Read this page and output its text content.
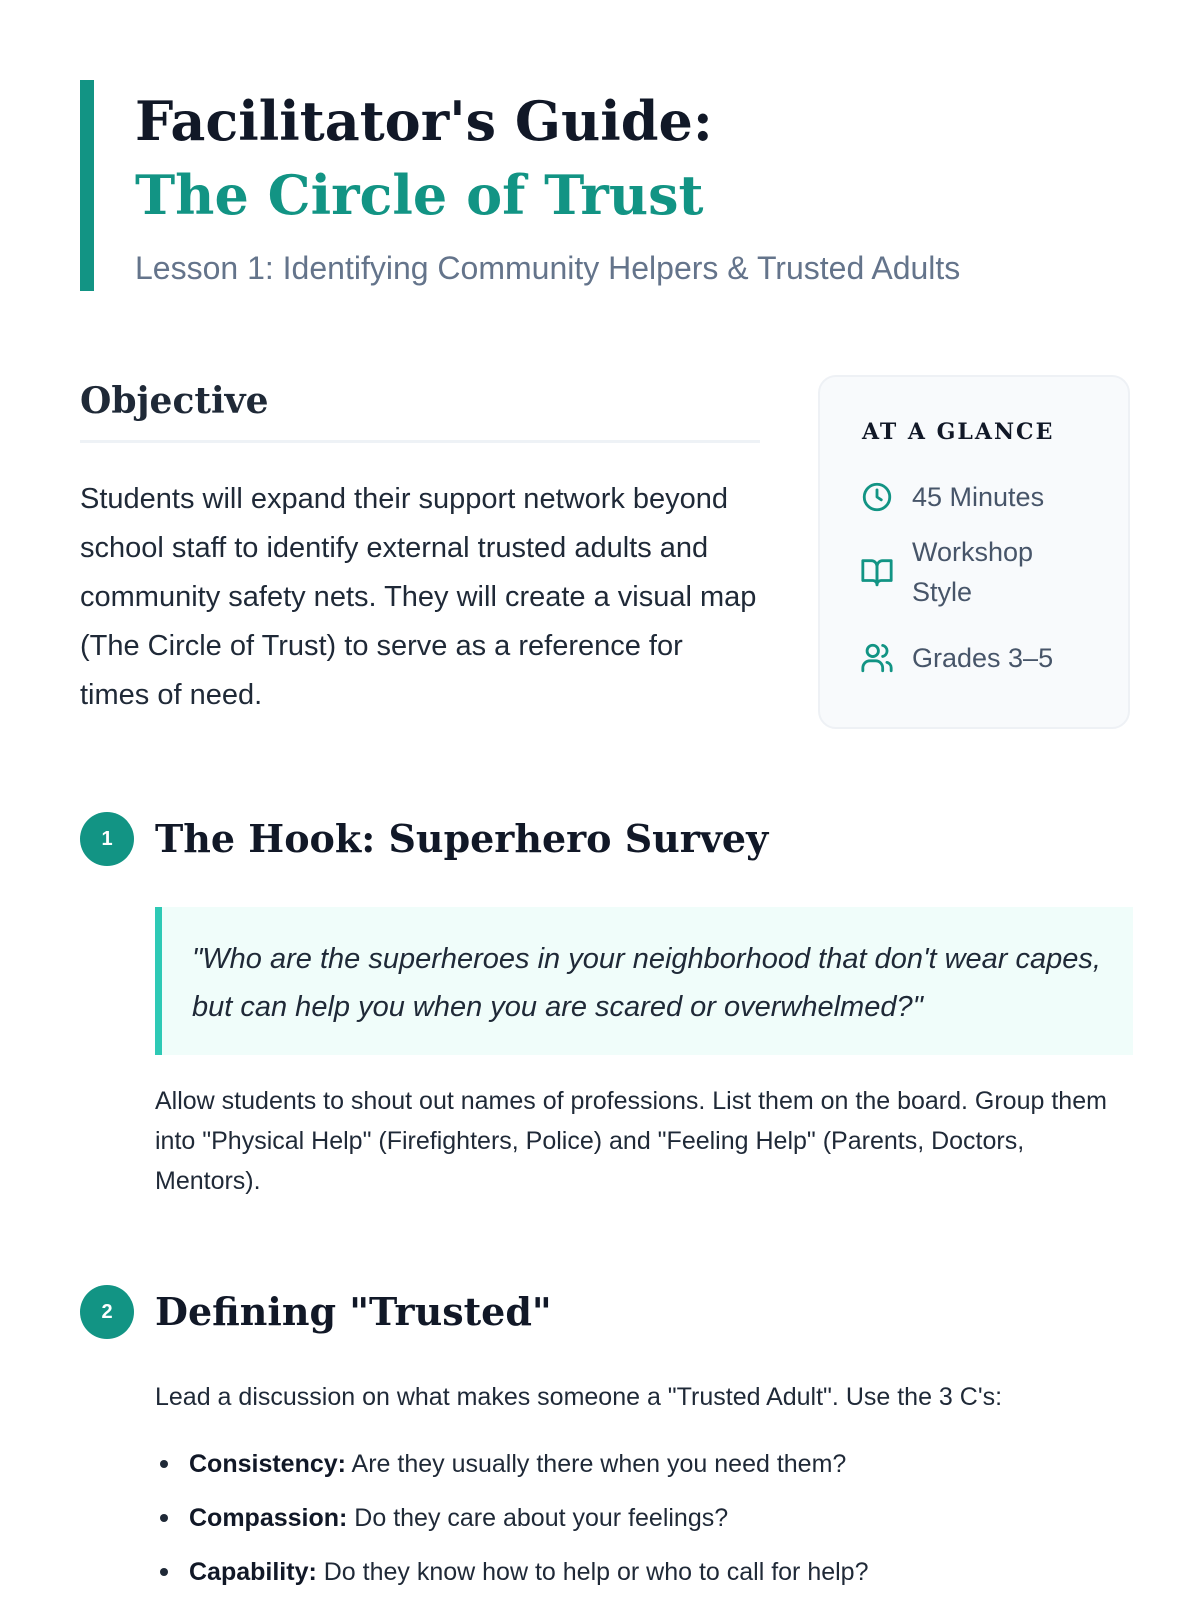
Facilitator's Guide:
The Circle of Trust

Lesson 1: Identifying Community Helpers & Trusted Adults

Objective

Students will expand their support network beyond school staff to identify external trusted adults and community safety nets. They will create a visual map (The Circle of Trust) to serve as a reference for times of need.

AT A GLANCE
45 Minutes
Workshop Style
Grades 3–5
1	The Hook: Superhero Survey

"Who are the superheroes in your neighborhood that don't wear capes, but can help you when you are scared or overwhelmed?"

Allow students to shout out names of professions. List them on the board. Group them into "Physical Help" (Firefighters, Police) and "Feeling Help" (Parents, Doctors, Mentors).

2	Defining "Trusted"

Lead a discussion on what makes someone a "Trusted Adult". Use the 3 C's:

Consistency: Are they usually there when you need them?
Compassion: Do they care about your feelings?
Capability: Do they know how to help or who to call for help?
